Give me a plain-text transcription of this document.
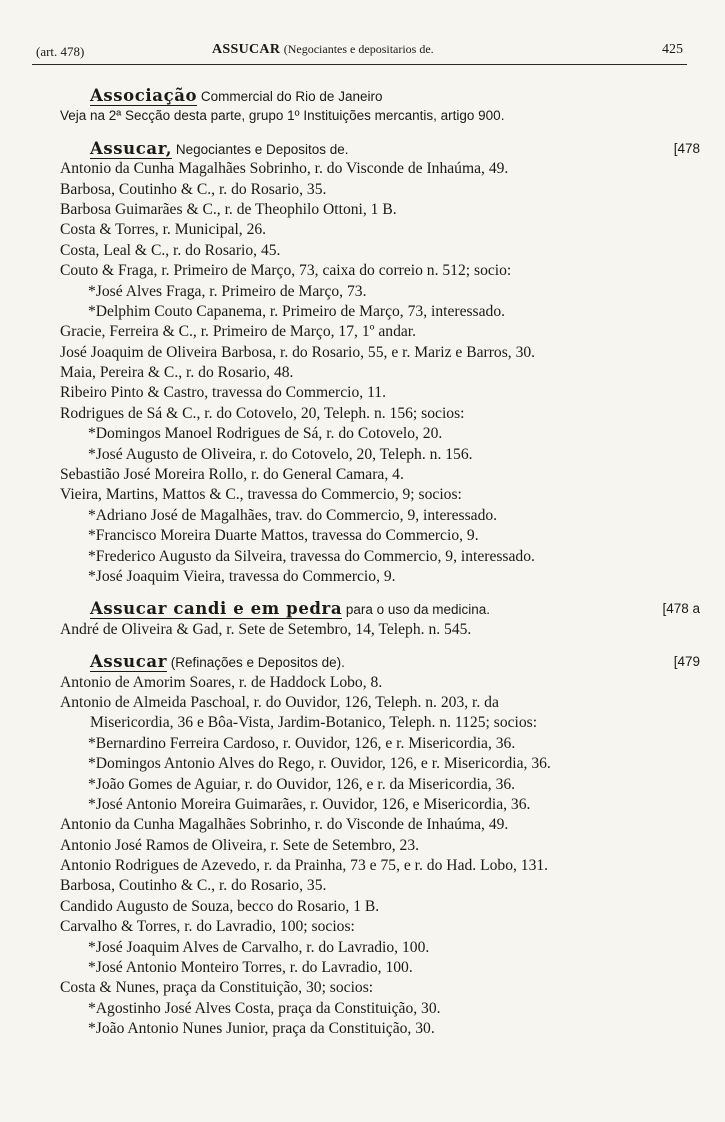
(art. 478)	ASSUCAR (Negociantes e depositarios de.	425
Associação Commercial do Rio de Janeiro
Veja na 2ª Secção desta parte, grupo 1º Instituições mercantis, artigo 900.
Assucar, Negociantes e Depositos de.	[478
Antonio da Cunha Magalhães Sobrinho, r. do Visconde de Inhaúma, 49.
Barbosa, Coutinho & C., r. do Rosario, 35.
Barbosa Guimarães & C., r. de Theophilo Ottoni, 1 B.
Costa & Torres, r. Municipal, 26.
Costa, Leal & C., r. do Rosario, 45.
Couto & Fraga, r. Primeiro de Março, 73, caixa do correio n. 512; socio:
*José Alves Fraga, r. Primeiro de Março, 73.
*Delphim Couto Capanema, r. Primeiro de Março, 73, interessado.
Gracie, Ferreira & C., r. Primeiro de Março, 17, 1º andar.
José Joaquim de Oliveira Barbosa, r. do Rosario, 55, e r. Mariz e Barros, 30.
Maia, Pereira & C., r. do Rosario, 48.
Ribeiro Pinto & Castro, travessa do Commercio, 11.
Rodrigues de Sá & C., r. do Cotovelo, 20, Teleph. n. 156; socios:
*Domingos Manoel Rodrigues de Sá, r. do Cotovelo, 20.
*José Augusto de Oliveira, r. do Cotovelo, 20, Teleph. n. 156.
Sebastião José Moreira Rollo, r. do General Camara, 4.
Vieira, Martins, Mattos & C., travessa do Commercio, 9; socios:
*Adriano José de Magalhães, trav. do Commercio, 9, interessado.
*Francisco Moreira Duarte Mattos, travessa do Commercio, 9.
*Frederico Augusto da Silveira, travessa do Commercio, 9, interessado.
*José Joaquim Vieira, travessa do Commercio, 9.
Assucar candi e em pedra para o uso da medicina.	[478 a
André de Oliveira & Gad, r. Sete de Setembro, 14, Teleph. n. 545.
Assucar (Refinações e Depositos de).	[479
Antonio de Amorim Soares, r. de Haddock Lobo, 8.
Antonio de Almeida Paschoal, r. do Ouvidor, 126, Teleph. n. 203, r. da
Misericordia, 36 e Bôa-Vista, Jardim-Botanico, Teleph. n. 1125; socios:
*Bernardino Ferreira Cardoso, r. Ouvidor, 126, e r. Misericordia, 36.
*Domingos Antonio Alves do Rego, r. Ouvidor, 126, e r. Misericordia, 36.
*João Gomes de Aguiar, r. do Ouvidor, 126, e r. da Misericordia, 36.
*José Antonio Moreira Guimarães, r. Ouvidor, 126, e Misericordia, 36.
Antonio da Cunha Magalhães Sobrinho, r. do Visconde de Inhaúma, 49.
Antonio José Ramos de Oliveira, r. Sete de Setembro, 23.
Antonio Rodrigues de Azevedo, r. da Prainha, 73 e 75, e r. do Had. Lobo, 131.
Barbosa, Coutinho & C., r. do Rosario, 35.
Candido Augusto de Souza, becco do Rosario, 1 B.
Carvalho & Torres, r. do Lavradio, 100; socios:
*José Joaquim Alves de Carvalho, r. do Lavradio, 100.
*José Antonio Monteiro Torres, r. do Lavradio, 100.
Costa & Nunes, praça da Constituição, 30; socios:
*Agostinho José Alves Costa, praça da Constituição, 30.
*João Antonio Nunes Junior, praça da Constituição, 30.
